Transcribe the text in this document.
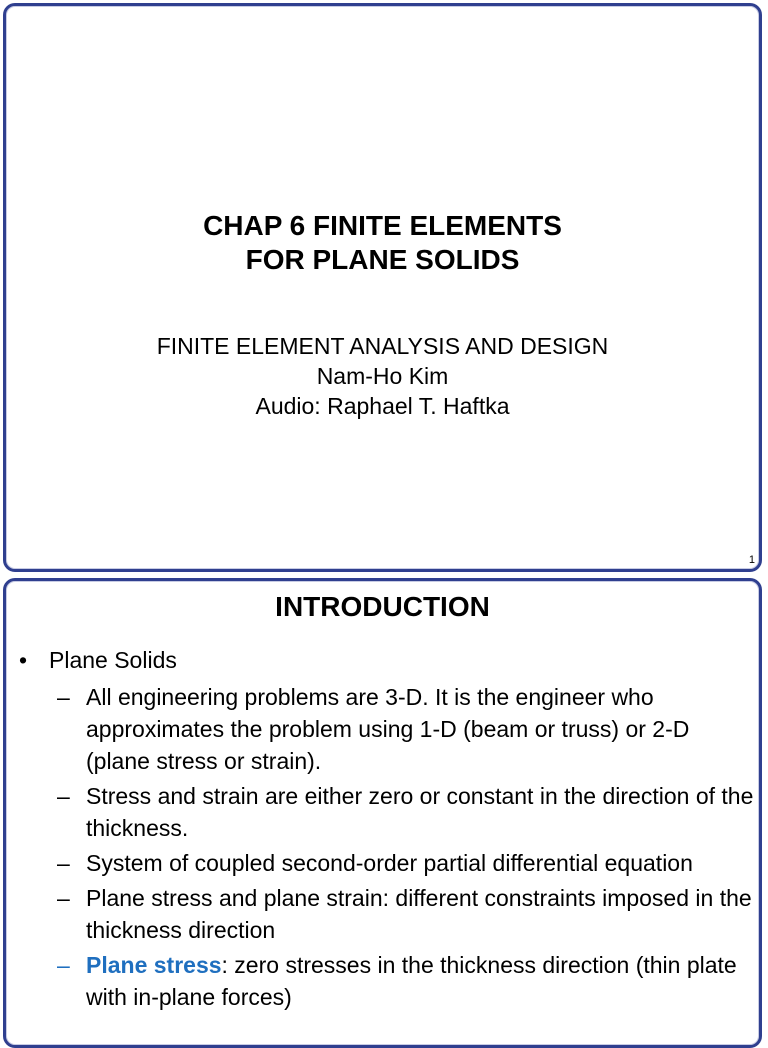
CHAP 6 FINITE ELEMENTS
FOR PLANE SOLIDS
FINITE ELEMENT ANALYSIS AND DESIGN
Nam-Ho Kim
Audio: Raphael T. Haftka
1
INTRODUCTION
• Plane Solids
– All engineering problems are 3-D. It is the engineer who approximates the problem using 1-D (beam or truss) or 2-D (plane stress or strain).
– Stress and strain are either zero or constant in the direction of the thickness.
– System of coupled second-order partial differential equation
– Plane stress and plane strain: different constraints imposed in the thickness direction
– Plane stress: zero stresses in the thickness direction (thin plate with in-plane forces)
